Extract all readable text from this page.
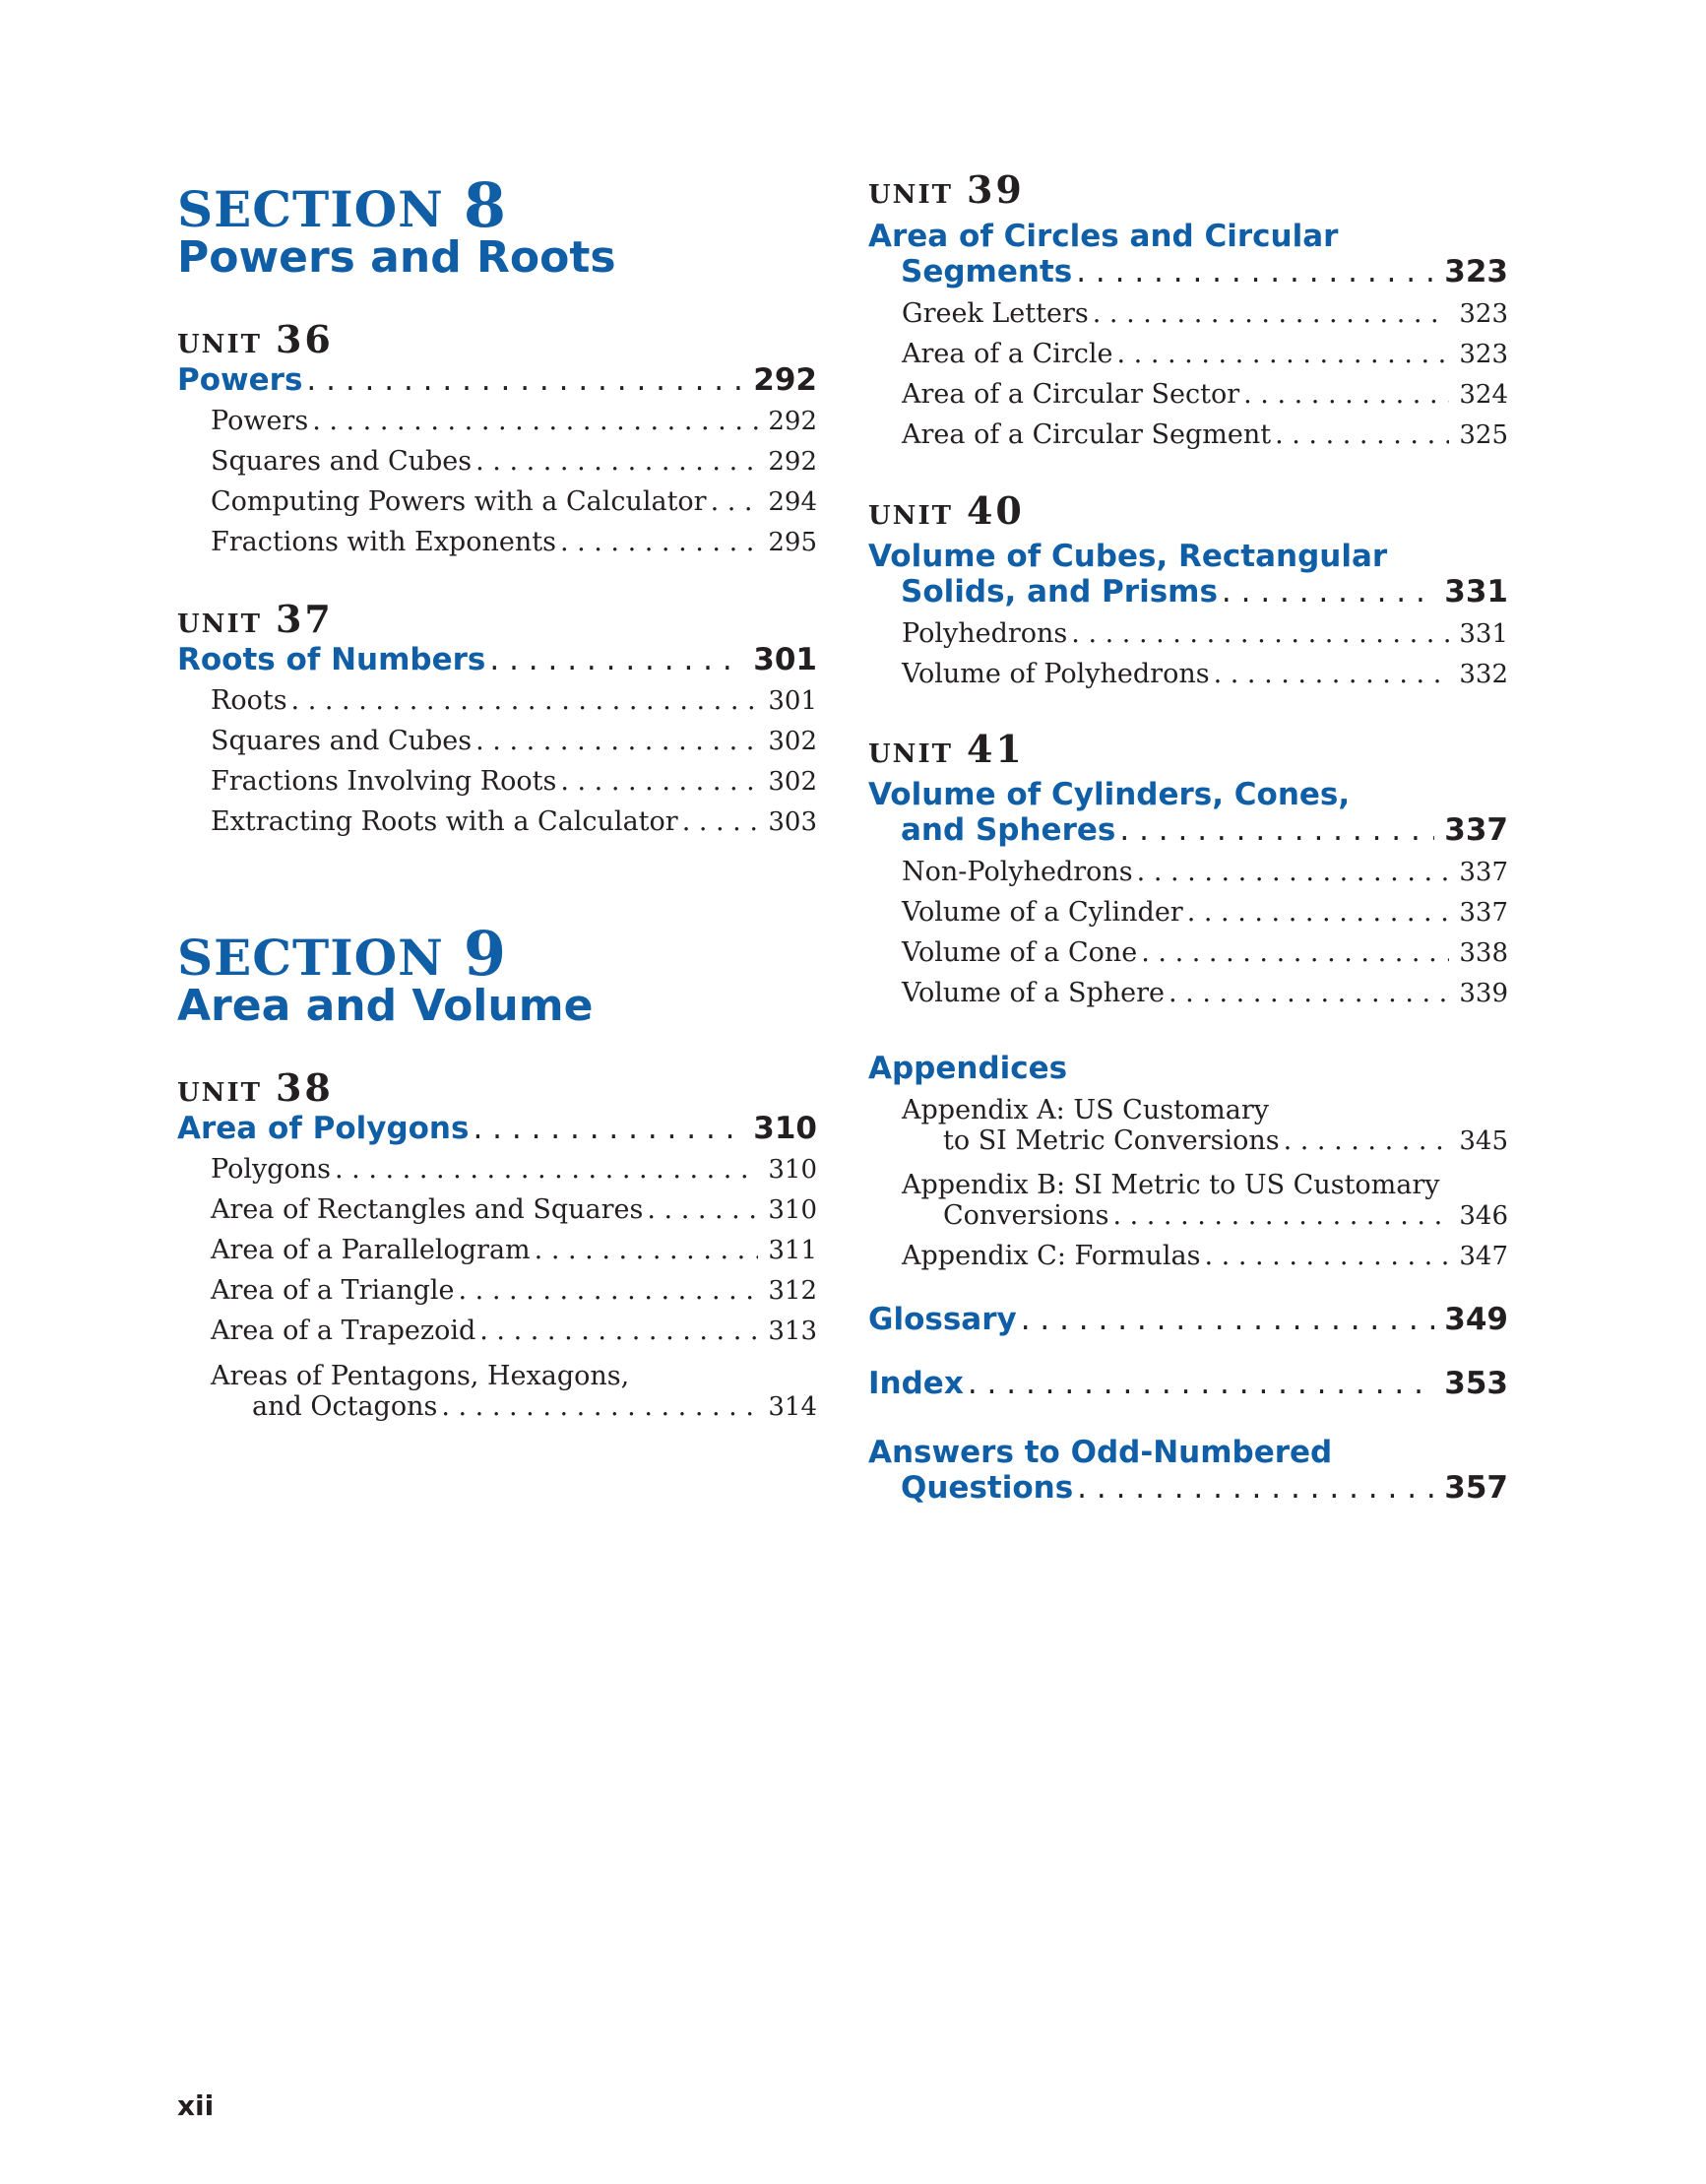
SECTION 8
Powers and Roots
UNIT 36
Powers . . .	292
Powers . . .	292
Squares and Cubes . . .	292
Computing Powers with a Calculator . . . 294
Fractions with Exponents . . .	295
UNIT 37
Roots of Numbers . . .	301
Roots . . .	301
Squares and Cubes . . .	302
Fractions Involving Roots . . .	302
Extracting Roots with a Calculator . . .	303
SECTION 9
Area and Volume
UNIT 38
Area of Polygons . . .	310
Polygons . . .	310
Area of Rectangles and Squares . . .	310
Area of a Parallelogram . . .	311
Area of a Triangle . . .	312
Area of a Trapezoid . . .	313
Areas of Pentagons, Hexagons,
and Octagons . . .	314
UNIT 39
Area of Circles and Circular
Segments . . .	323
Greek Letters . . .	323
Area of a Circle . . .	323
Area of a Circular Sector . . .	324
Area of a Circular Segment . . .	325
UNIT 40
Volume of Cubes, Rectangular
Solids, and Prisms . . .	331
Polyhedrons . . .	331
Volume of Polyhedrons . . .	332
UNIT 41
Volume of Cylinders, Cones,
and Spheres . . .	337
Non-Polyhedrons . . .	337
Volume of a Cylinder . . .	337
Volume of a Cone . . .	338
Volume of a Sphere . . .	339
Appendices
Appendix A: US Customary
to SI Metric Conversions . . .	345
Appendix B: SI Metric to US Customary
Conversions . . .	346
Appendix C: Formulas . . .	347
Glossary . . .	349
Index . . .	353
Answers to Odd-Numbered
Questions . . .	357
xii
